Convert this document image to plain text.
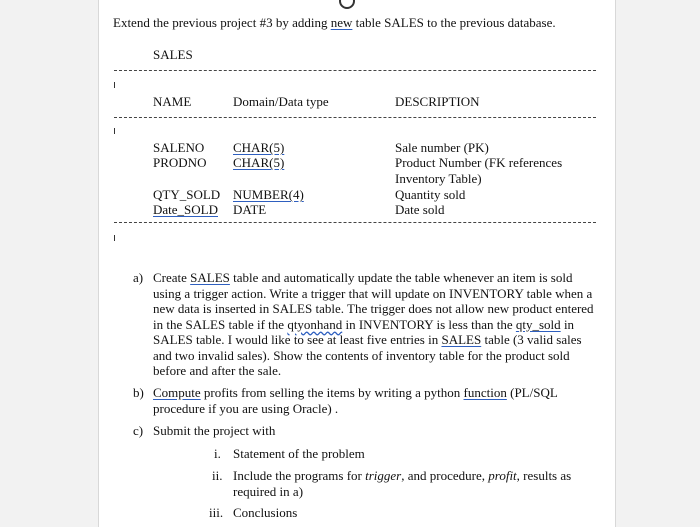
Extend the previous project #3 by adding new table SALES to the previous database.
SALES
NAME	Domain/Data type	DESCRIPTION
SALENO CHAR(5)	Sale number (PK)
PRODNO CHAR(5)	Product Number (FK references
Inventory Table)
QTY_SOLD NUMBER(4)	Quantity sold
Date_SOLD DATE	Date sold
a) Create SALES table and automatically update the table whenever an item is sold using a trigger action. Write a trigger that will update on INVENTORY table when a new data is inserted in SALES table. The trigger does not allow new product entered in the SALES table if the qtyonhand in INVENTORY is less than the qty_sold in SALES table. I would like to see at least five entries in SALES table (3 valid sales and two invalid sales). Show the contents of inventory table for the product sold before and after the sale.
b) Compute profits from selling the items by writing a python function (PL/SQL procedure if you are using Oracle) .
c) Submit the project with
i. Statement of the problem
ii. Include the programs for trigger, and procedure, profit, results as required in a)
iii. Conclusions
